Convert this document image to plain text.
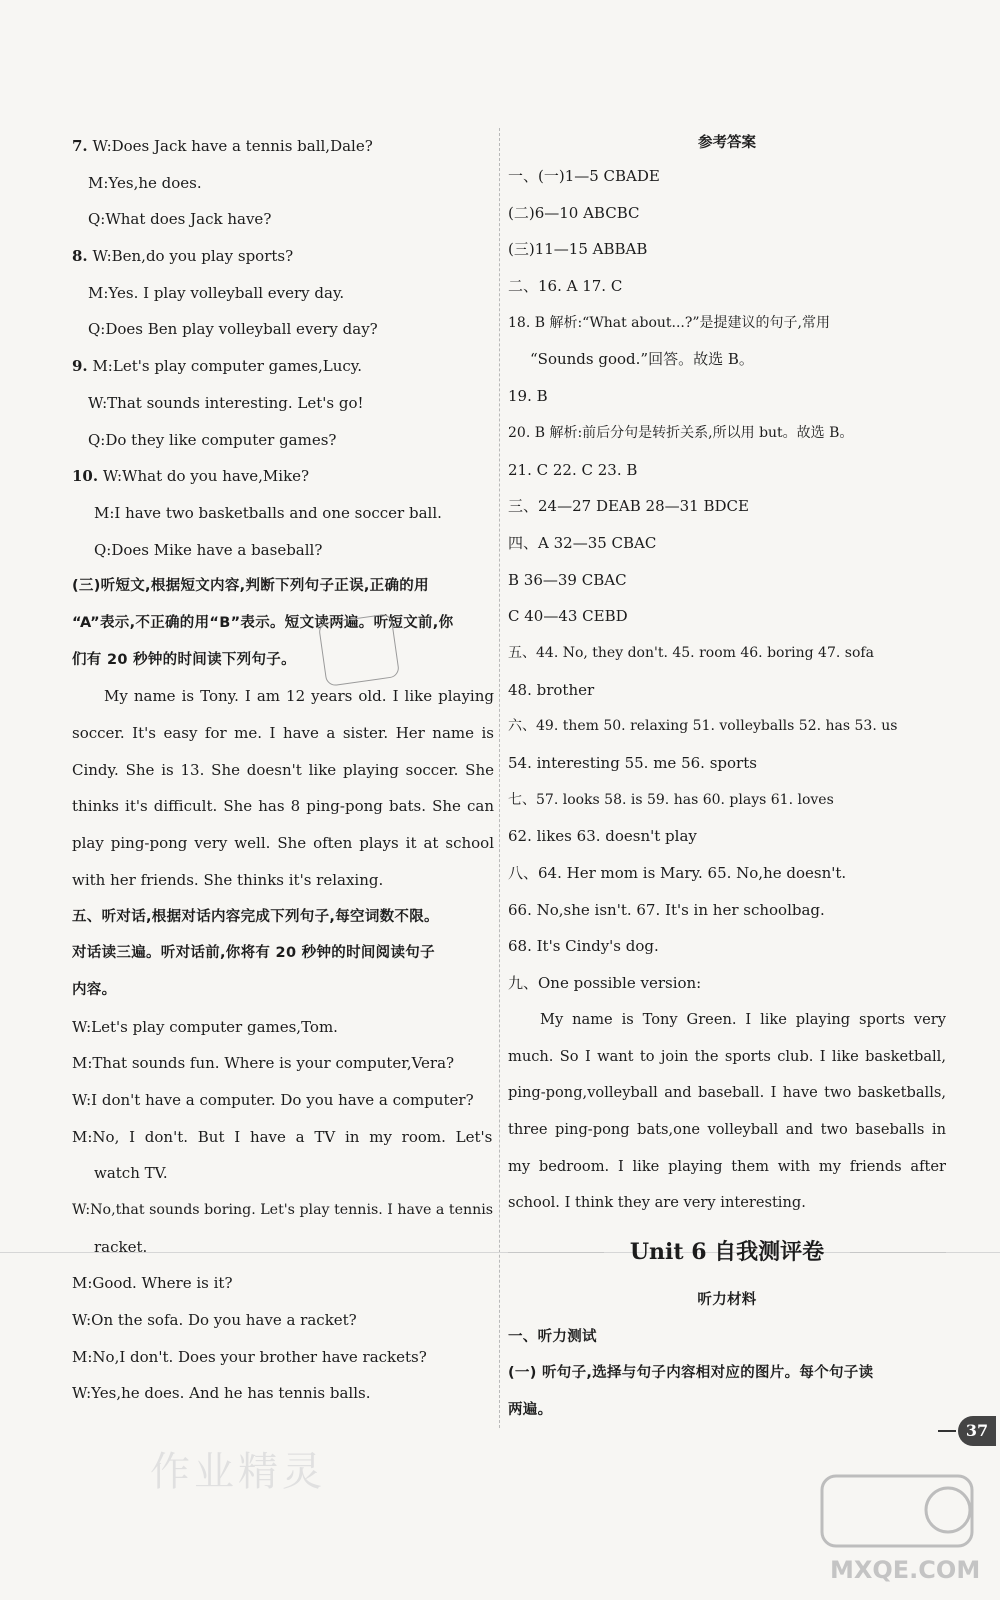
7. W:Does Jack have a tennis ball,Dale?
M:Yes,he does.
Q:What does Jack have?
8. W:Ben,do you play sports?
M:Yes. I play volleyball every day.
Q:Does Ben play volleyball every day?
9. M:Let's play computer games,Lucy.
W:That sounds interesting. Let's go!
Q:Do they like computer games?
10. W:What do you have,Mike?
M:I have two basketballs and one soccer ball.
Q:Does Mike have a baseball?
(三)听短文,根据短文内容,判断下列句子正误,正确的用
“A”表示,不正确的用“B”表示。短文读两遍。听短文前,你
们有 20 秒钟的时间读下列句子。

My name is Tony. I am 12 years old. I like playing soccer. It's easy for me. I have a sister. Her name is Cindy. She is 13. She doesn't like playing soccer. She thinks it's difficult. She has 8 ping-pong bats. She can play ping-pong very well. She often plays it at school with her friends. She thinks it's relaxing.

五、听对话,根据对话内容完成下列句子,每空词数不限。
对话读三遍。听对话前,你将有 20 秒钟的时间阅读句子
内容。
W:Let's play computer games,Tom.
M:That sounds fun. Where is your computer,Vera?
W:I don't have a computer. Do you have a computer?
M:No, I don't. But I have a TV in my room. Let's
watch TV.
W:No,that sounds boring. Let's play tennis. I have a tennis
racket.
M:Good. Where is it?
W:On the sofa. Do you have a racket?
M:No,I don't. Does your brother have rackets?
W:Yes,he does. And he has tennis balls.
参考答案
一、(一)1—5 CBADE
(二)6—10 ABCBC
(三)11—15 ABBAB
二、16. A 17. C
18. B 解析:“What about...?”是提建议的句子,常用
“Sounds good.”回答。故选 B。
19. B
20. B 解析:前后分句是转折关系,所以用 but。故选 B。
21. C 22. C 23. B
三、24—27 DEAB 28—31 BDCE
四、A 32—35 CBAC
B 36—39 CBAC
C 40—43 CEBD
五、44. No, they don't. 45. room 46. boring 47. sofa
48. brother
六、49. them 50. relaxing 51. volleyballs 52. has 53. us
54. interesting 55. me 56. sports
七、57. looks 58. is 59. has 60. plays 61. loves
62. likes 63. doesn't play
八、64. Her mom is Mary. 65. No,he doesn't.
66. No,she isn't. 67. It's in her schoolbag.
68. It's Cindy's dog.
九、One possible version:

My name is Tony Green. I like playing sports very much. So I want to join the sports club. I like basketball, ping-pong,volleyball and baseball. I have two basketballs, three ping-pong bats,one volleyball and two baseballs in my bedroom. I like playing them with my friends after school. I think they are very interesting.

Unit 6 自我测评卷
听力材料
一、听力测试
(一) 听句子,选择与句子内容相对应的图片。每个句子读
两遍。
作业精灵
37
MXQE.COM
